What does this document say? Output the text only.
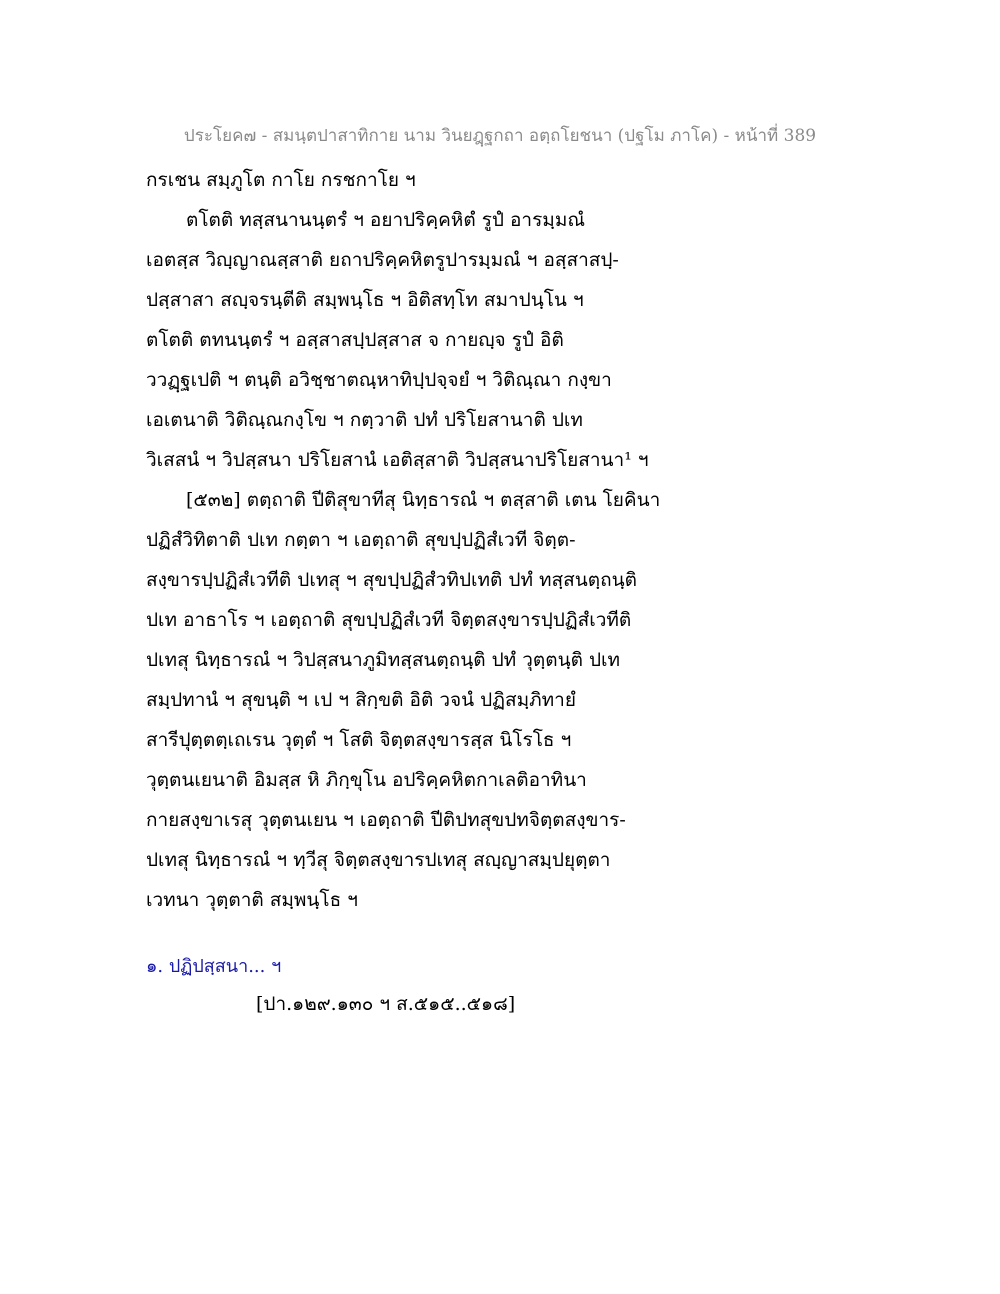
ประโยค๗ - สมนฺตปาสาทิกาย นาม วินยฎฺฐกถา อตฺถโยชนา (ปฐโม ภาโค) - หน้าที่ 389
กรเชน สมฺภูโต กาโย กรชกาโย ฯ
ตโตติ ทสฺสนานนฺตรํ ฯ อยาปริคฺคหิตํ รูปํ อารมฺมณํ
เอตสฺส วิญฺญาณสฺสาติ ยถาปริคฺคหิตรูปารมฺมณํ ฯ อสฺสาสปฺ-
ปสฺสาสา สญฺจรนฺตีติ สมฺพนฺโธ ฯ อิติสทฺโท สมาปนฺโน ฯ
ตโตติ ตทนนฺตรํ ฯ อสฺสาสปฺปสฺสาส จ กายญฺจ รูปํ อิติ
ววฏฺฐเปติ ฯ ตนฺติ อวิชฺชาตณฺหาทิปฺปจฺจยํ ฯ วิติณฺณา กงฺขา
เอเตนาติ วิติณฺณกงฺโข ฯ กตฺวาติ ปทํ ปริโยสานาติ ปเท
วิเสสนํ ฯ วิปสฺสนา ปริโยสานํ เอติสฺสาติ วิปสฺสนาปริโยสานา¹ ฯ
[๕๓๒] ตตฺถาติ ปีติสุขาทีสุ นิทฺธารณํ ฯ ตสฺสาติ เตน โยคินา
ปฏิสํวิทิตาติ ปเท กตฺตา ฯ เอตฺถาติ สุขปฺปฏิสํเวที จิตฺต-
สงฺขารปฺปฏิสํเวทีติ ปเทสุ ฯ สุขปฺปฏิสํวทิปเทติ ปทํ ทสฺสนตฺถนฺติ
ปเท อาธาโร ฯ เอตฺถาติ สุขปฺปฏิสํเวที จิตฺตสงฺขารปฺปฏิสํเวทีติ
ปเทสุ นิทฺธารณํ ฯ วิปสฺสนาภูมิทสฺสนตฺถนฺติ ปทํ วุตฺตนฺติ ปเท
สมฺปทานํ ฯ สุขนฺติ ฯ เป ฯ สิกฺขติ อิติ วจนํ ปฏิสมฺภิทายํ
สารีปุตฺตตฺเถเรน วุตฺตํ ฯ โสติ จิตฺตสงฺขารสฺส นิโรโธ ฯ
วุตฺตนเยนาติ อิมสฺส หิ ภิกฺขุโน อปริคฺคหิตกาเลติอาทินา
กายสงฺขาเรสุ วุตฺตนเยน ฯ เอตฺถาติ ปีติปทสุขปทจิตฺตสงฺขาร-
ปเทสุ นิทฺธารณํ ฯ ทฺวีสุ จิตฺตสงฺขารปเทสุ สญฺญาสมฺปยุตฺตา
เวทนา วุตฺตาติ สมฺพนฺโธ ฯ
๑. ปฏิปสฺสนา... ฯ
[ปา.๑๒๙.๑๓๐ ฯ ส.๕๑๕..๕๑๘]
